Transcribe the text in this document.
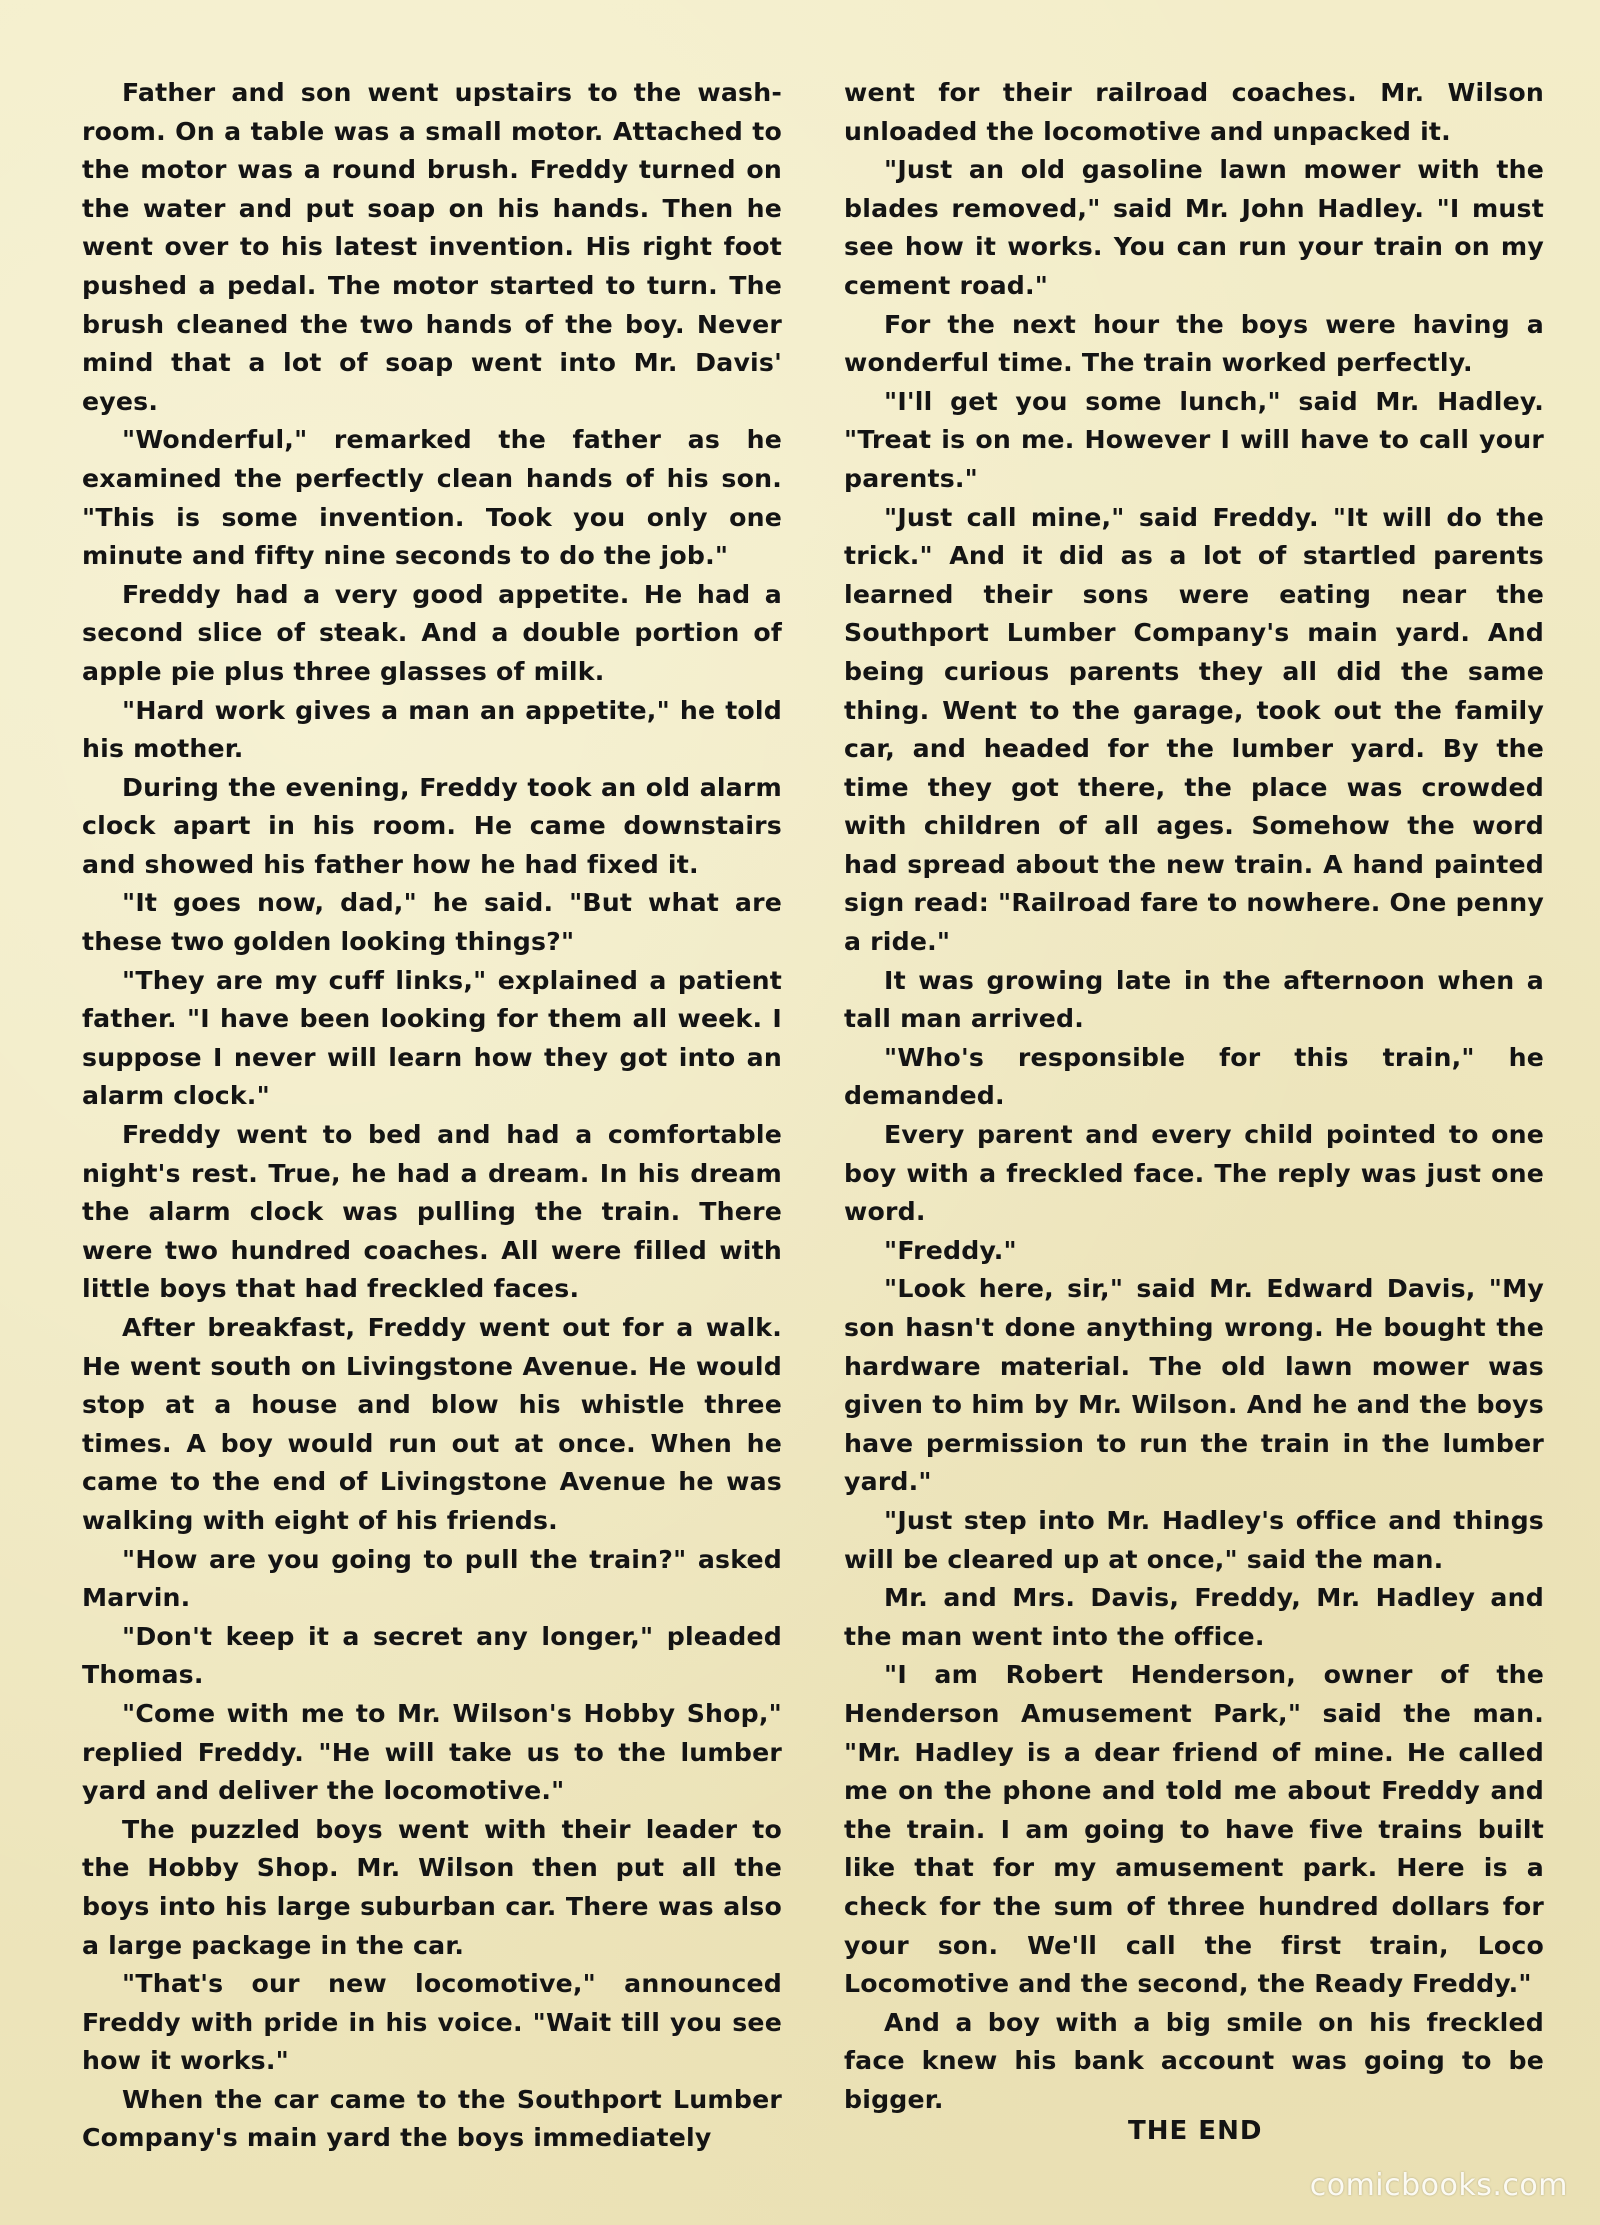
Father and son went upstairs to the wash-room. On a table was a small motor. Attached to the motor was a round brush. Freddy turned on the water and put soap on his hands. Then he went over to his latest invention. His right foot pushed a pedal. The motor started to turn. The brush cleaned the two hands of the boy. Never mind that a lot of soap went into Mr. Davis' eyes.

"Wonderful," remarked the father as he examined the perfectly clean hands of his son. "This is some invention. Took you only one minute and fifty nine seconds to do the job."

Freddy had a very good appetite. He had a second slice of steak. And a double portion of apple pie plus three glasses of milk.

"Hard work gives a man an appetite," he told his mother.

During the evening, Freddy took an old alarm clock apart in his room. He came downstairs and showed his father how he had fixed it.

"It goes now, dad," he said. "But what are these two golden looking things?"

"They are my cuff links," explained a patient father. "I have been looking for them all week. I suppose I never will learn how they got into an alarm clock."

Freddy went to bed and had a comfortable night's rest. True, he had a dream. In his dream the alarm clock was pulling the train. There were two hundred coaches. All were filled with little boys that had freckled faces.

After breakfast, Freddy went out for a walk. He went south on Livingstone Avenue. He would stop at a house and blow his whistle three times. A boy would run out at once. When he came to the end of Livingstone Avenue he was walking with eight of his friends.

"How are you going to pull the train?" asked Marvin.

"Don't keep it a secret any longer," pleaded Thomas.

"Come with me to Mr. Wilson's Hobby Shop," replied Freddy. "He will take us to the lumber yard and deliver the locomotive."

The puzzled boys went with their leader to the Hobby Shop. Mr. Wilson then put all the boys into his large suburban car. There was also a large package in the car.

"That's our new locomotive," announced Freddy with pride in his voice. "Wait till you see how it works."

When the car came to the Southport Lumber Company's main yard the boys immediately

went for their railroad coaches. Mr. Wilson unloaded the locomotive and unpacked it.

"Just an old gasoline lawn mower with the blades removed," said Mr. John Hadley. "I must see how it works. You can run your train on my cement road."

For the next hour the boys were having a wonderful time. The train worked perfectly.

"I'll get you some lunch," said Mr. Hadley. "Treat is on me. However I will have to call your parents."

"Just call mine," said Freddy. "It will do the trick." And it did as a lot of startled parents learned their sons were eating near the Southport Lumber Company's main yard. And being curious parents they all did the same thing. Went to the garage, took out the family car, and headed for the lumber yard. By the time they got there, the place was crowded with children of all ages. Somehow the word had spread about the new train. A hand painted sign read: "Railroad fare to nowhere. One penny a ride."

It was growing late in the afternoon when a tall man arrived.

"Who's responsible for this train," he demanded.

Every parent and every child pointed to one boy with a freckled face. The reply was just one word.

"Freddy."

"Look here, sir," said Mr. Edward Davis, "My son hasn't done anything wrong. He bought the hardware material. The old lawn mower was given to him by Mr. Wilson. And he and the boys have permission to run the train in the lumber yard."

"Just step into Mr. Hadley's office and things will be cleared up at once," said the man.

Mr. and Mrs. Davis, Freddy, Mr. Hadley and the man went into the office.

"I am Robert Henderson, owner of the Henderson Amusement Park," said the man. "Mr. Hadley is a dear friend of mine. He called me on the phone and told me about Freddy and the train. I am going to have five trains built like that for my amusement park. Here is a check for the sum of three hundred dollars for your son. We'll call the first train, Loco Locomotive and the second, the Ready Freddy."

And a boy with a big smile on his freckled face knew his bank account was going to be bigger.

THE END
comicbooks.com
